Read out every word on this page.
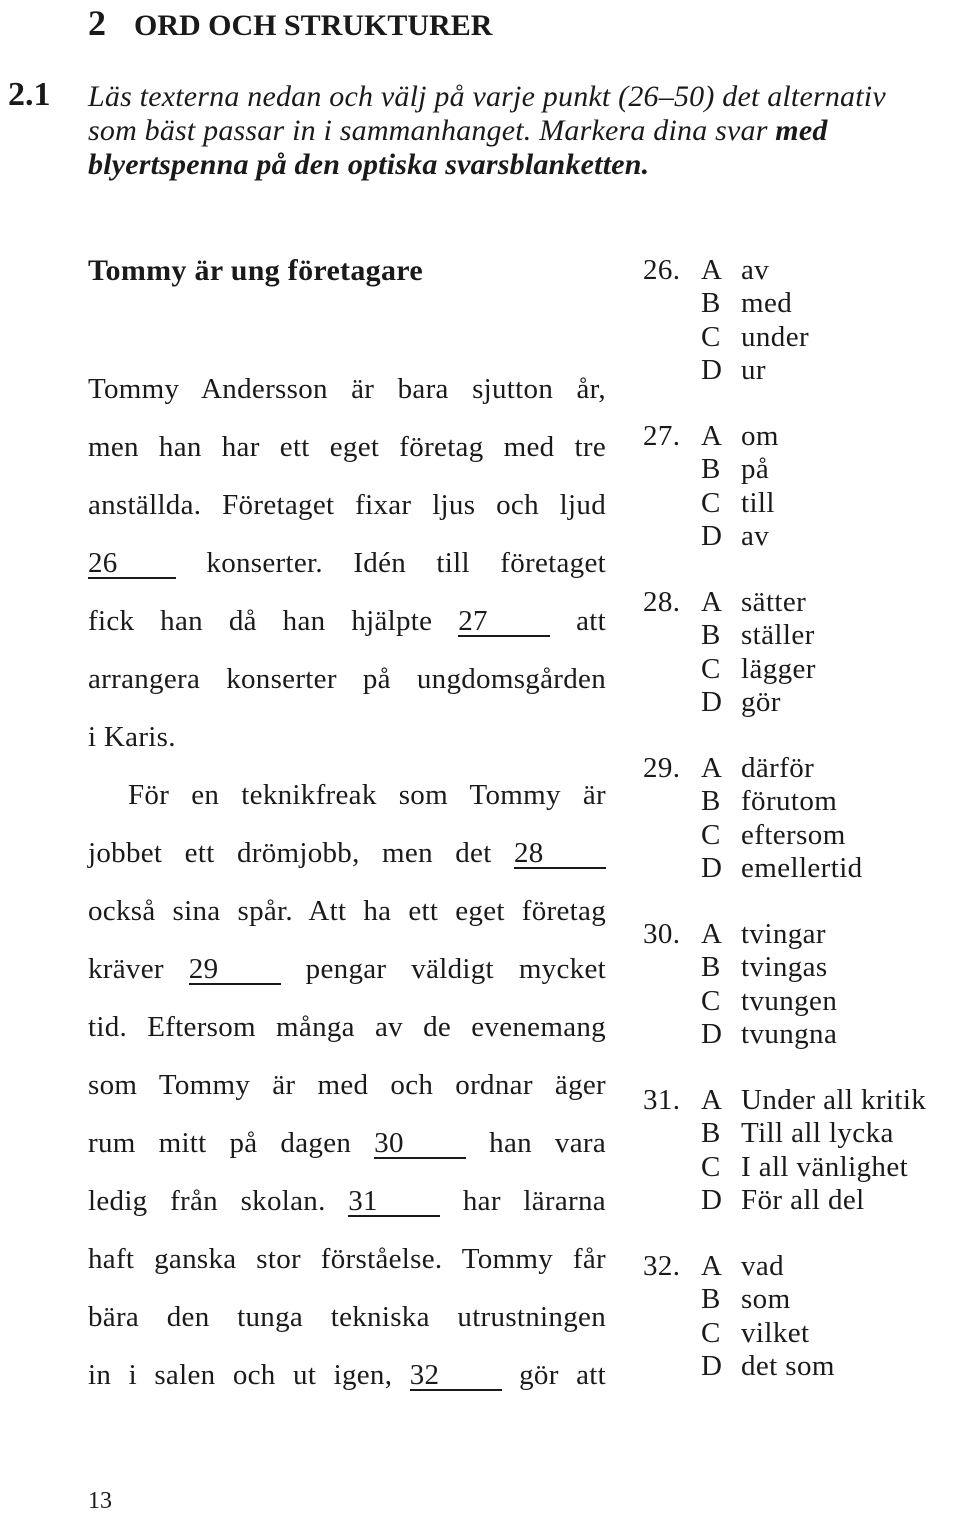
2 ORD OCH STRUKTURER
2.1 Läs texterna nedan och välj på varje punkt (26–50) det alternativ
som bäst passar in i sammanhanget. Markera dina svar med
blyertspenna på den optiska svarsblanketten.
Tommy är ung företagare
Tommy Andersson är bara sjutton år,
men han har ett eget företag med tre
anställda. Företaget fixar ljus och ljud
26	konserter. Idén till företaget
fick han då han hjälpte 27	att
arrangera konserter på ungdomsgården
i Karis.
För en teknikfreak som Tommy är
jobbet ett drömjobb, men det 28
också sina spår. Att ha ett eget företag
kräver 29	pengar väldigt mycket
tid. Eftersom många av de evenemang
som Tommy är med och ordnar äger
rum mitt på dagen 30	han vara
ledig från skolan. 31	har lärarna
haft ganska stor förståelse. Tommy får
bära den tunga tekniska utrustningen
in i salen och ut igen, 32	gör att
26. A av
B med
C under
D ur
27. A om
B på
C till
D av
28. A sätter
B ställer
C lägger
D gör
29. A därför
B förutom
C eftersom
D emellertid
30. A tvingar
B tvingas
C tvungen
D tvungna
31. A Under all kritik
B Till all lycka
C I all vänlighet
D För all del
32. A vad
B som
C vilket
D det som
13
